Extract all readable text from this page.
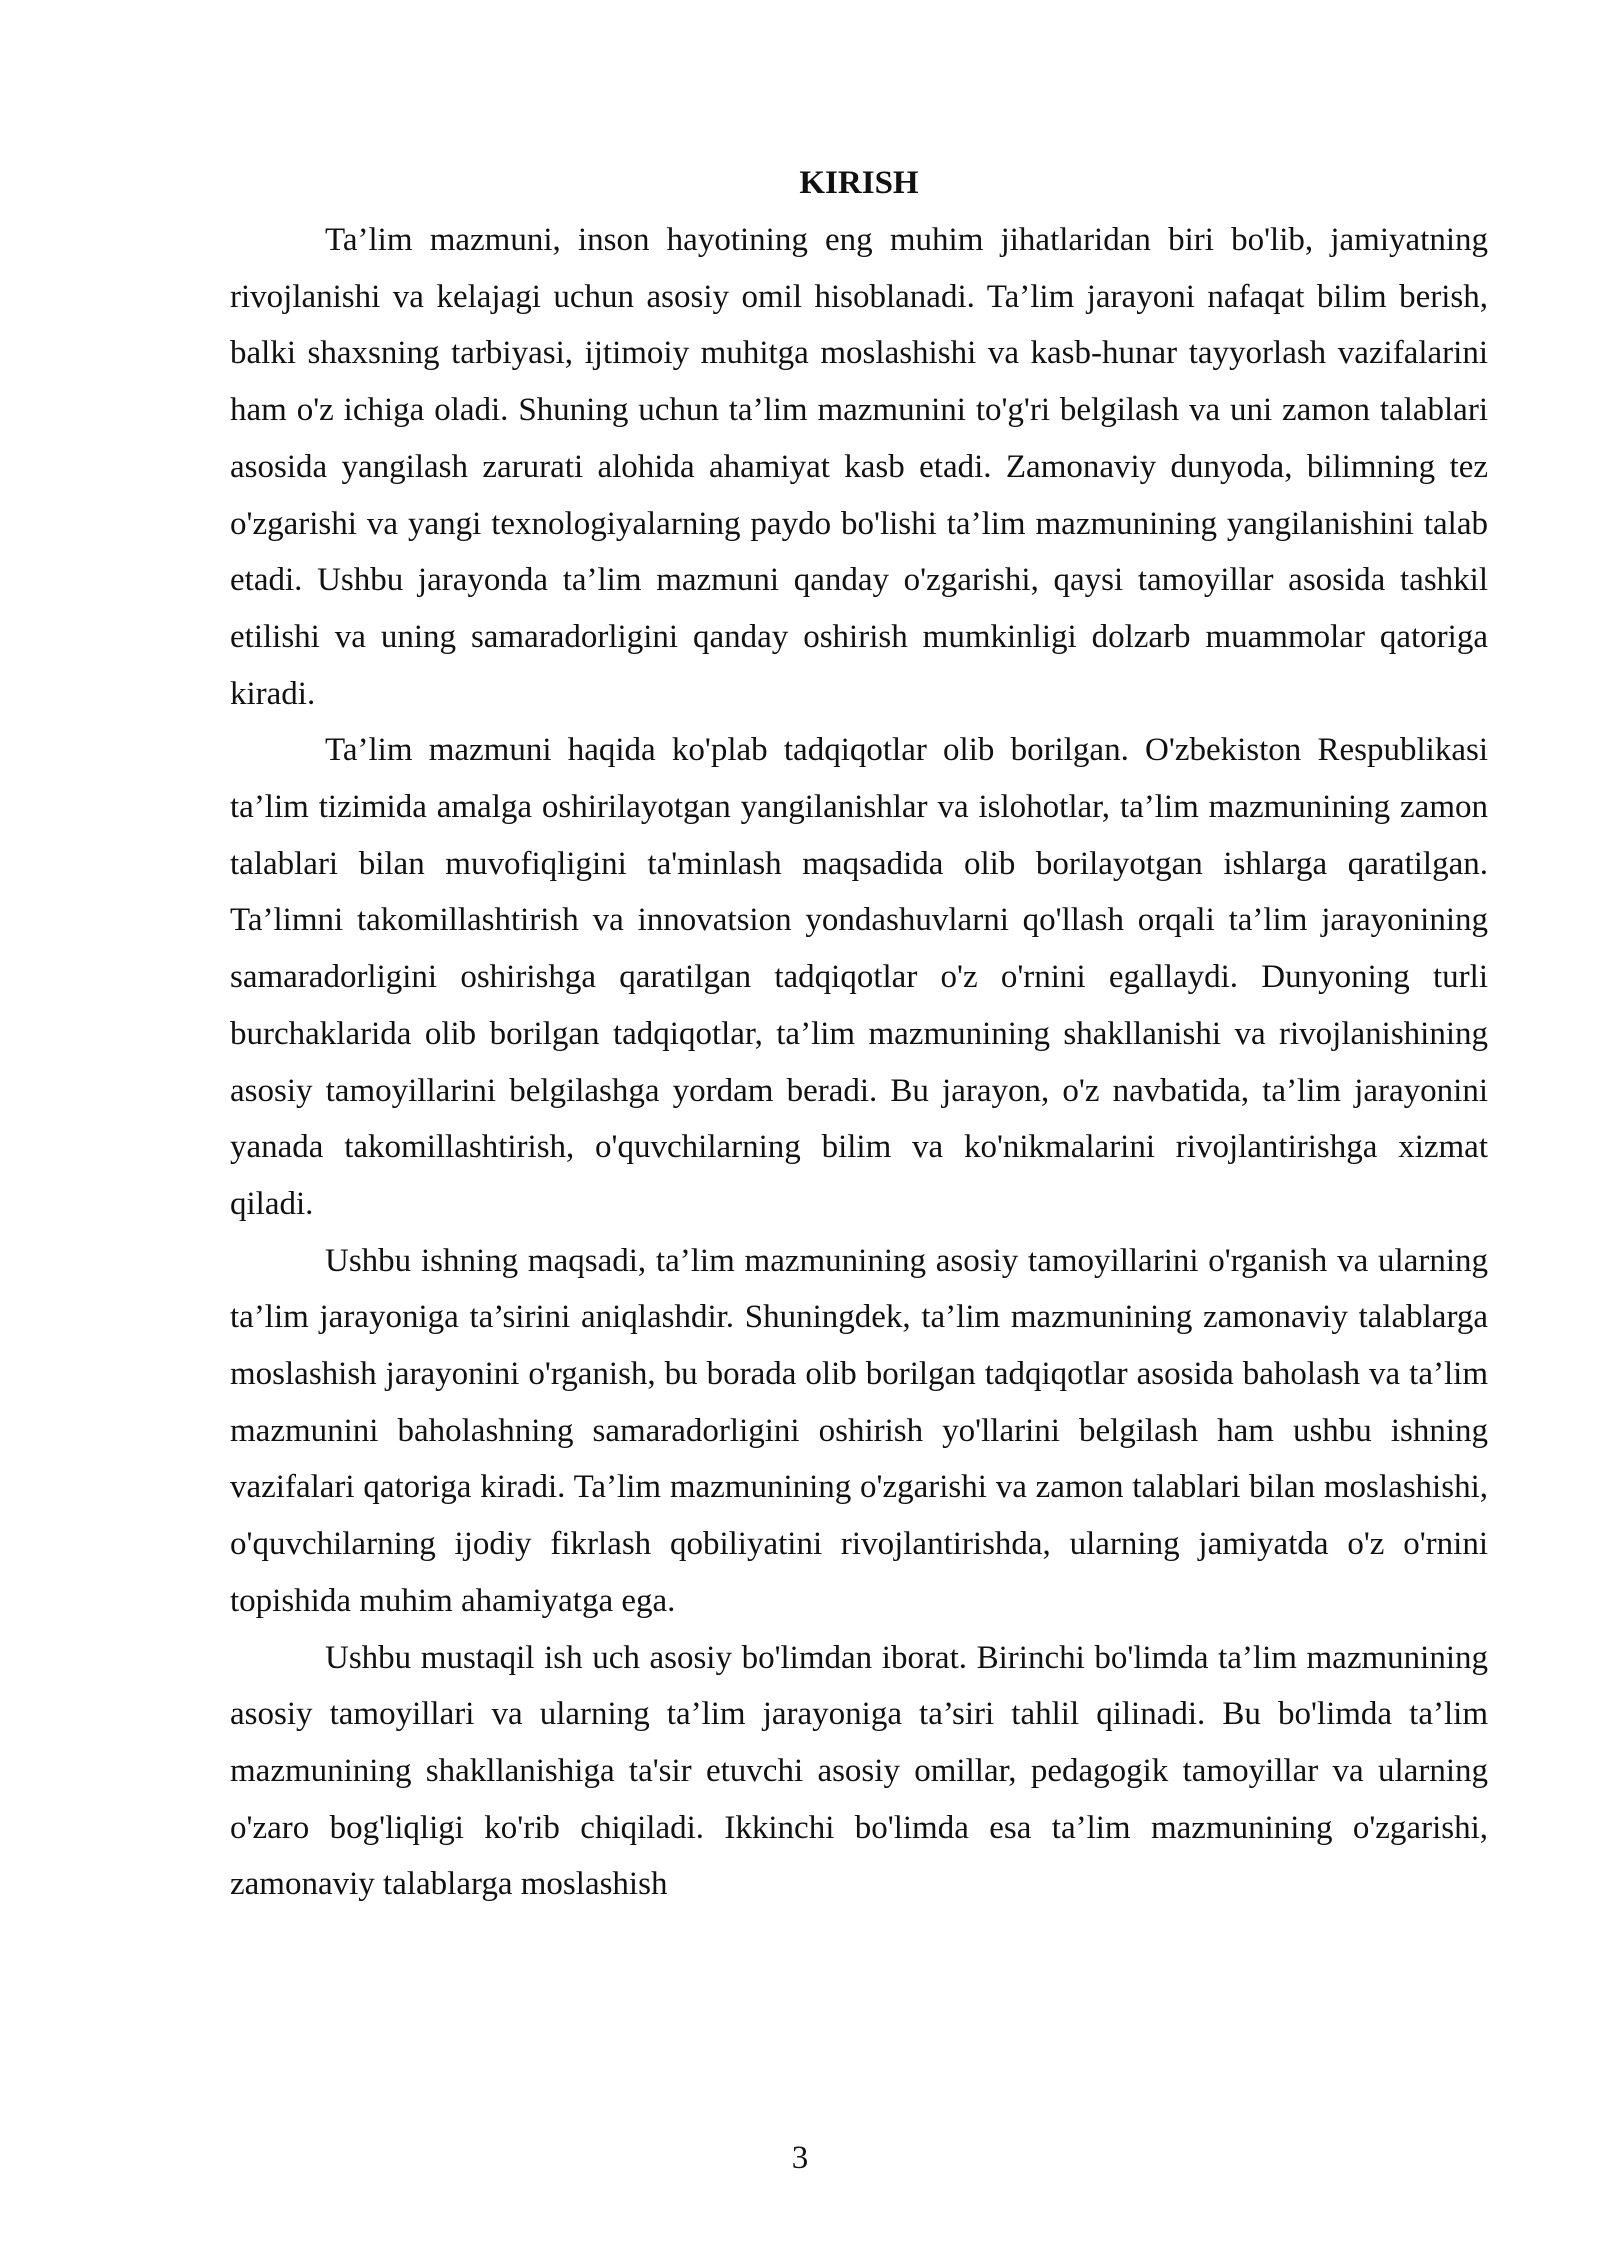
KIRISH

Ta’lim mazmuni, inson hayotining eng muhim jihatlaridan biri bo'lib, jamiyatning rivojlanishi va kelajagi uchun asosiy omil hisoblanadi. Ta’lim jarayoni nafaqat bilim berish, balki shaxsning tarbiyasi, ijtimoiy muhitga moslashishi va kasb-hunar tayyorlash vazifalarini ham o'z ichiga oladi. Shuning uchun ta’lim mazmunini to'g'ri belgilash va uni zamon talablari asosida yangilash zarurati alohida ahamiyat kasb etadi. Zamonaviy dunyoda, bilimning tez o'zgarishi va yangi texnologiyalarning paydo bo'lishi ta’lim mazmunining yangilanishini talab etadi. Ushbu jarayonda ta’lim mazmuni qanday o'zgarishi, qaysi tamoyillar asosida tashkil etilishi va uning samaradorligini qanday oshirish mumkinligi dolzarb muammolar qatoriga kiradi.

Ta’lim mazmuni haqida ko'plab tadqiqotlar olib borilgan. O'zbekiston Respublikasi ta’lim tizimida amalga oshirilayotgan yangilanishlar va islohotlar, ta’lim mazmunining zamon talablari bilan muvofiqligini ta'minlash maqsadida olib borilayotgan ishlarga qaratilgan. Ta’limni takomillashtirish va innovatsion yondashuvlarni qo'llash orqali ta’lim jarayonining samaradorligini oshirishga qaratilgan tadqiqotlar o'z o'rnini egallaydi. Dunyoning turli burchaklarida olib borilgan tadqiqotlar, ta’lim mazmunining shakllanishi va rivojlanishining asosiy tamoyillarini belgilashga yordam beradi. Bu jarayon, o'z navbatida, ta’lim jarayonini yanada takomillashtirish, o'quvchilarning bilim va ko'nikmalarini rivojlantirishga xizmat qiladi.

Ushbu ishning maqsadi, ta’lim mazmunining asosiy tamoyillarini o'rganish va ularning ta’lim jarayoniga ta’sirini aniqlashdir. Shuningdek, ta’lim mazmunining zamonaviy talablarga moslashish jarayonini o'rganish, bu borada olib borilgan tadqiqotlar asosida baholash va ta’lim mazmunini baholashning samaradorligini oshirish yo'llarini belgilash ham ushbu ishning vazifalari qatoriga kiradi. Ta’lim mazmunining o'zgarishi va zamon talablari bilan moslashishi, o'quvchilarning ijodiy fikrlash qobiliyatini rivojlantirishda, ularning jamiyatda o'z o'rnini topishida muhim ahamiyatga ega.

Ushbu mustaqil ish uch asosiy bo'limdan iborat. Birinchi bo'limda ta’lim mazmunining asosiy tamoyillari va ularning ta’lim jarayoniga ta’siri tahlil qilinadi. Bu bo'limda ta’lim mazmunining shakllanishiga ta'sir etuvchi asosiy omillar, pedagogik tamoyillar va ularning o'zaro bog'liqligi ko'rib chiqiladi. Ikkinchi bo'limda esa ta’lim mazmunining o'zgarishi, zamonaviy talablarga moslashish

3
